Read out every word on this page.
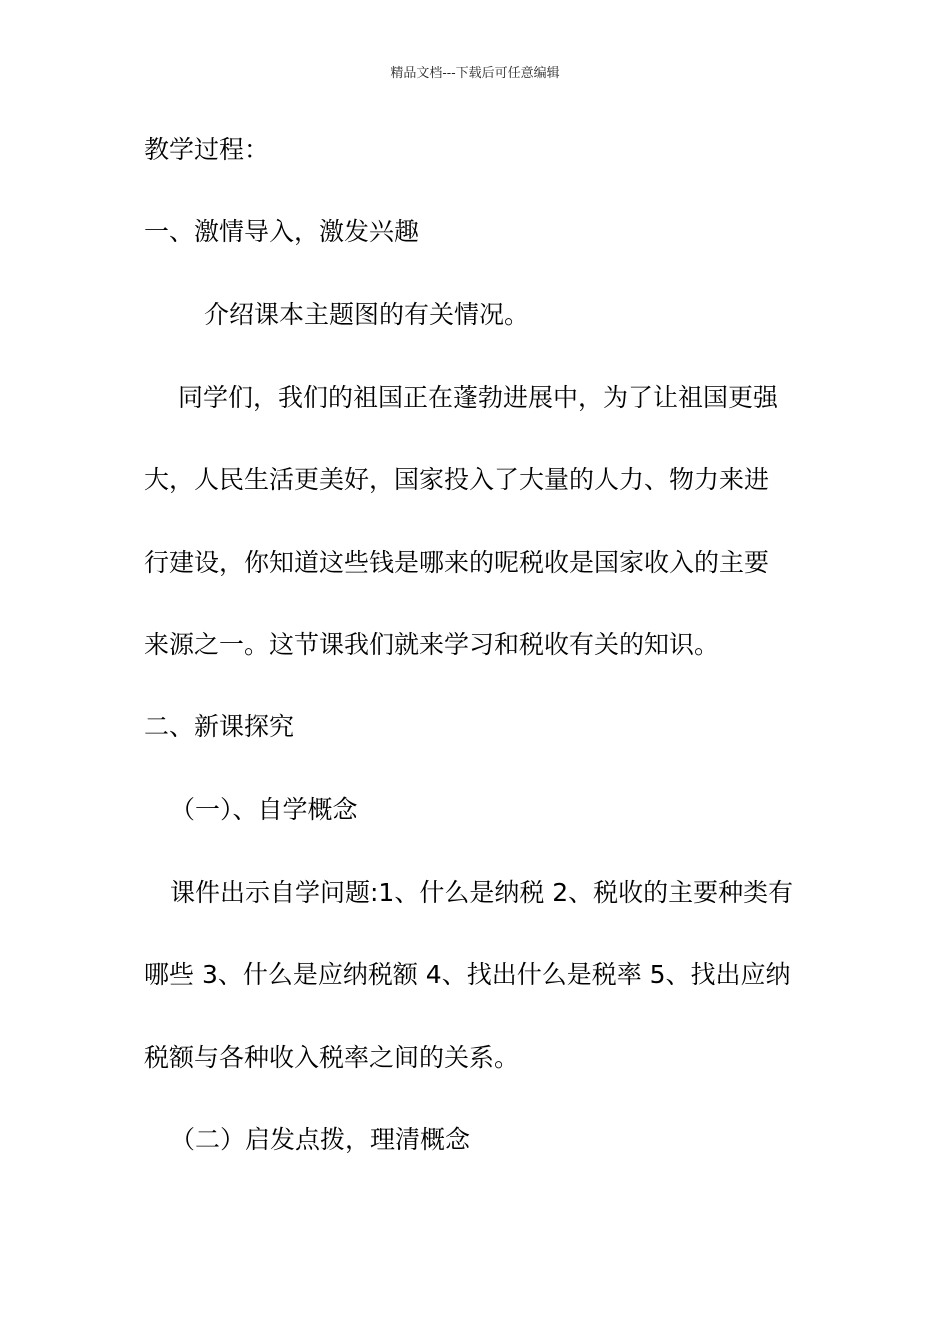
精品文档---下载后可任意编辑
教学过程：
一、激情导入，激发兴趣
介绍课本主题图的有关情况。
同学们，我们的祖国正在蓬勃进展中，为了让祖国更强
大，人民生活更美好，国家投入了大量的人力、物力来进
行建设，你知道这些钱是哪来的呢税收是国家收入的主要
来源之一。这节课我们就来学习和税收有关的知识。
二、新课探究
（一）、自学概念
课件出示自学问题:1、什么是纳税 2、税收的主要种类有
哪些 3、什么是应纳税额 4、找出什么是税率 5、找出应纳
税额与各种收入税率之间的关系。
（二）启发点拨，理清概念
